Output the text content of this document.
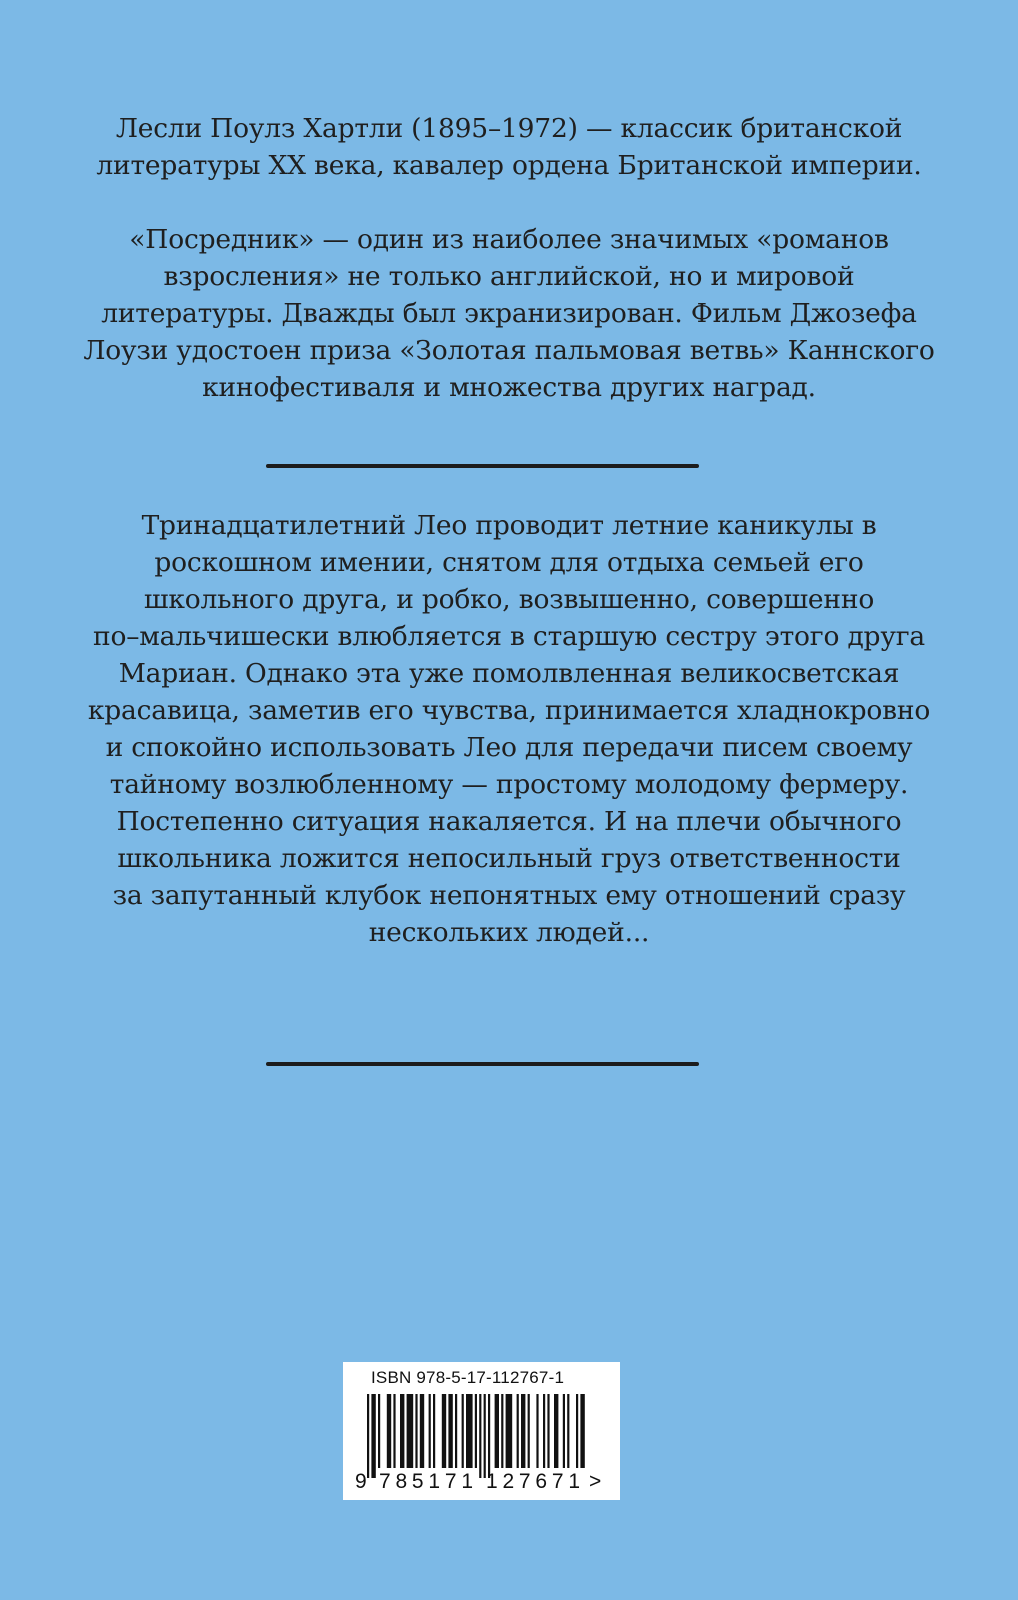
Лесли Поулз Хартли (1895–1972) — классик британской
литературы XX века, кавалер ордена Британской империи.

«Посредник» — один из наиболее значимых «романов
взросления» не только английской, но и мировой
литературы. Дважды был экранизирован. Фильм Джозефа
Лоузи удостоен приза «Золотая пальмовая ветвь» Каннского
кинофестиваля и множества других наград.

Тринадцатилетний Лео проводит летние каникулы в
роскошном имении, снятом для отдыха семьей его
школьного друга, и робко, возвышенно, совершенно
по–мальчишески влюбляется в старшую сестру этого друга
Мариан. Однако эта уже помолвленная великосветская
красавица, заметив его чувства, принимается хладнокровно
и спокойно использовать Лео для передачи писем своему
тайному возлюбленному — простому молодому фермеру.
Постепенно ситуация накаляется. И на плечи обычного
школьника ложится непосильный груз ответственности
за запутанный клубок непонятных ему отношений сразу
нескольких людей...

ISBN 978-5-17-112767-1
9 785171 127671 >
